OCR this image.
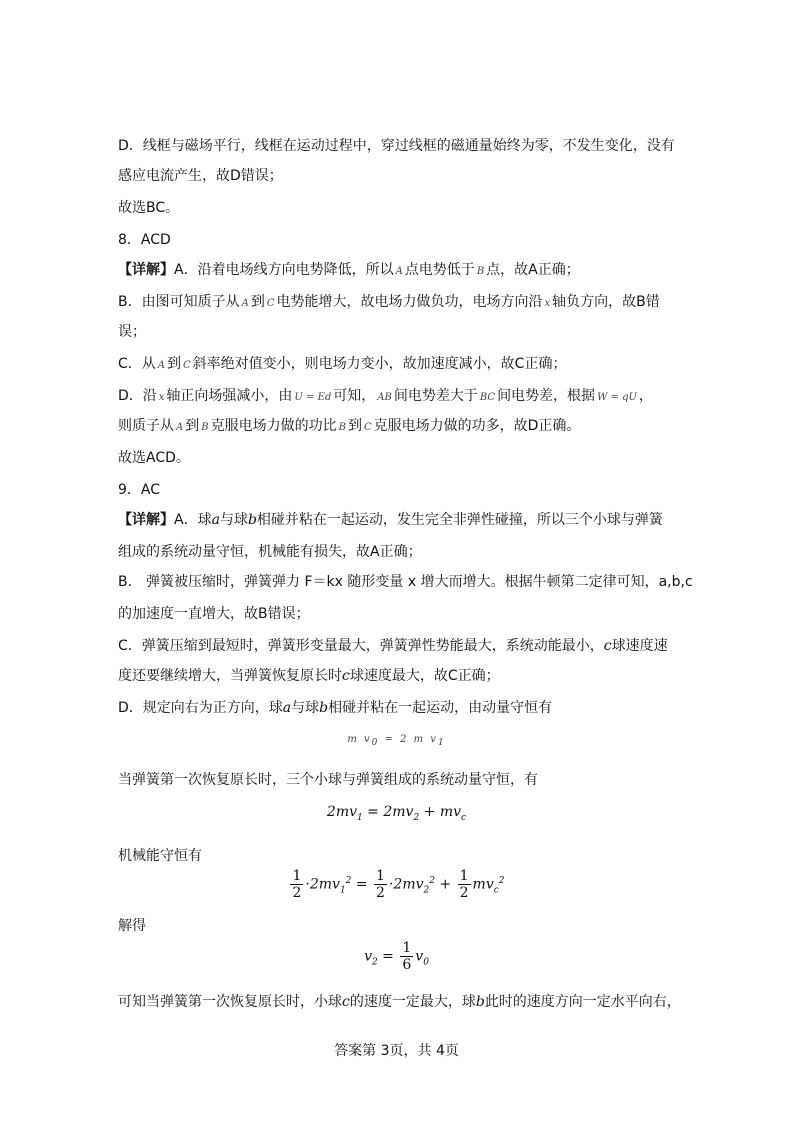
D．线框与磁场平行，线框在运动过程中，穿过线框的磁通量始终为零，不发生变化，没有
感应电流产生，故D错误；
故选BC。
8．ACD
【详解】A．沿着电场线方向电势降低，所以 A 点电势低于 B 点，故A正确；
B．由图可知质子从 A 到 C 电势能增大，故电场力做负功，电场方向沿 x 轴负方向，故B错
误；
C．从 A 到 C 斜率绝对值变小，则电场力变小，故加速度减小，故C正确；
D．沿 x 轴正向场强减小，由 U = Ed 可知， AB 间电势差大于 BC 间电势差，根据 W = qU ，
则质子从 A 到 B 克服电场力做的功比 B 到 C 克服电场力做的功多，故D正确。
故选ACD。
9．AC
【详解】A．球a与球b相碰并粘在一起运动，发生完全非弹性碰撞，所以三个小球与弹簧
组成的系统动量守恒，机械能有损失，故A正确；
B． 弹簧被压缩时，弹簧弹力 F＝kx 随形变量 x 增大而增大。根据牛顿第二定律可知，a,b,c
的加速度一直增大，故B错误；
C．弹簧压缩到最短时，弹簧形变量最大，弹簧弹性势能最大，系统动能最小，c球速度速
度还要继续增大，当弹簧恢复原长时c球速度最大，故C正确；
D．规定向右为正方向，球a与球b相碰并粘在一起运动，由动量守恒有
m $v_0 = 2$ m $v_1$
当弹簧第一次恢复原长时，三个小球与弹簧组成的系统动量守恒，有
$2mv_1 = 2mv_2 + mv_c$
机械能守恒有
$\frac{1}{2} \cdot 2mv_1^2 = \frac{1}{2} \cdot 2mv_2^2 + \frac{1}{2} mv_c^2$
解得
$v_2 = \frac{1}{6} v_0$
可知当弹簧第一次恢复原长时，小球c的速度一定最大，球b此时的速度方向一定水平向右，
答案第 3页，共 4页
